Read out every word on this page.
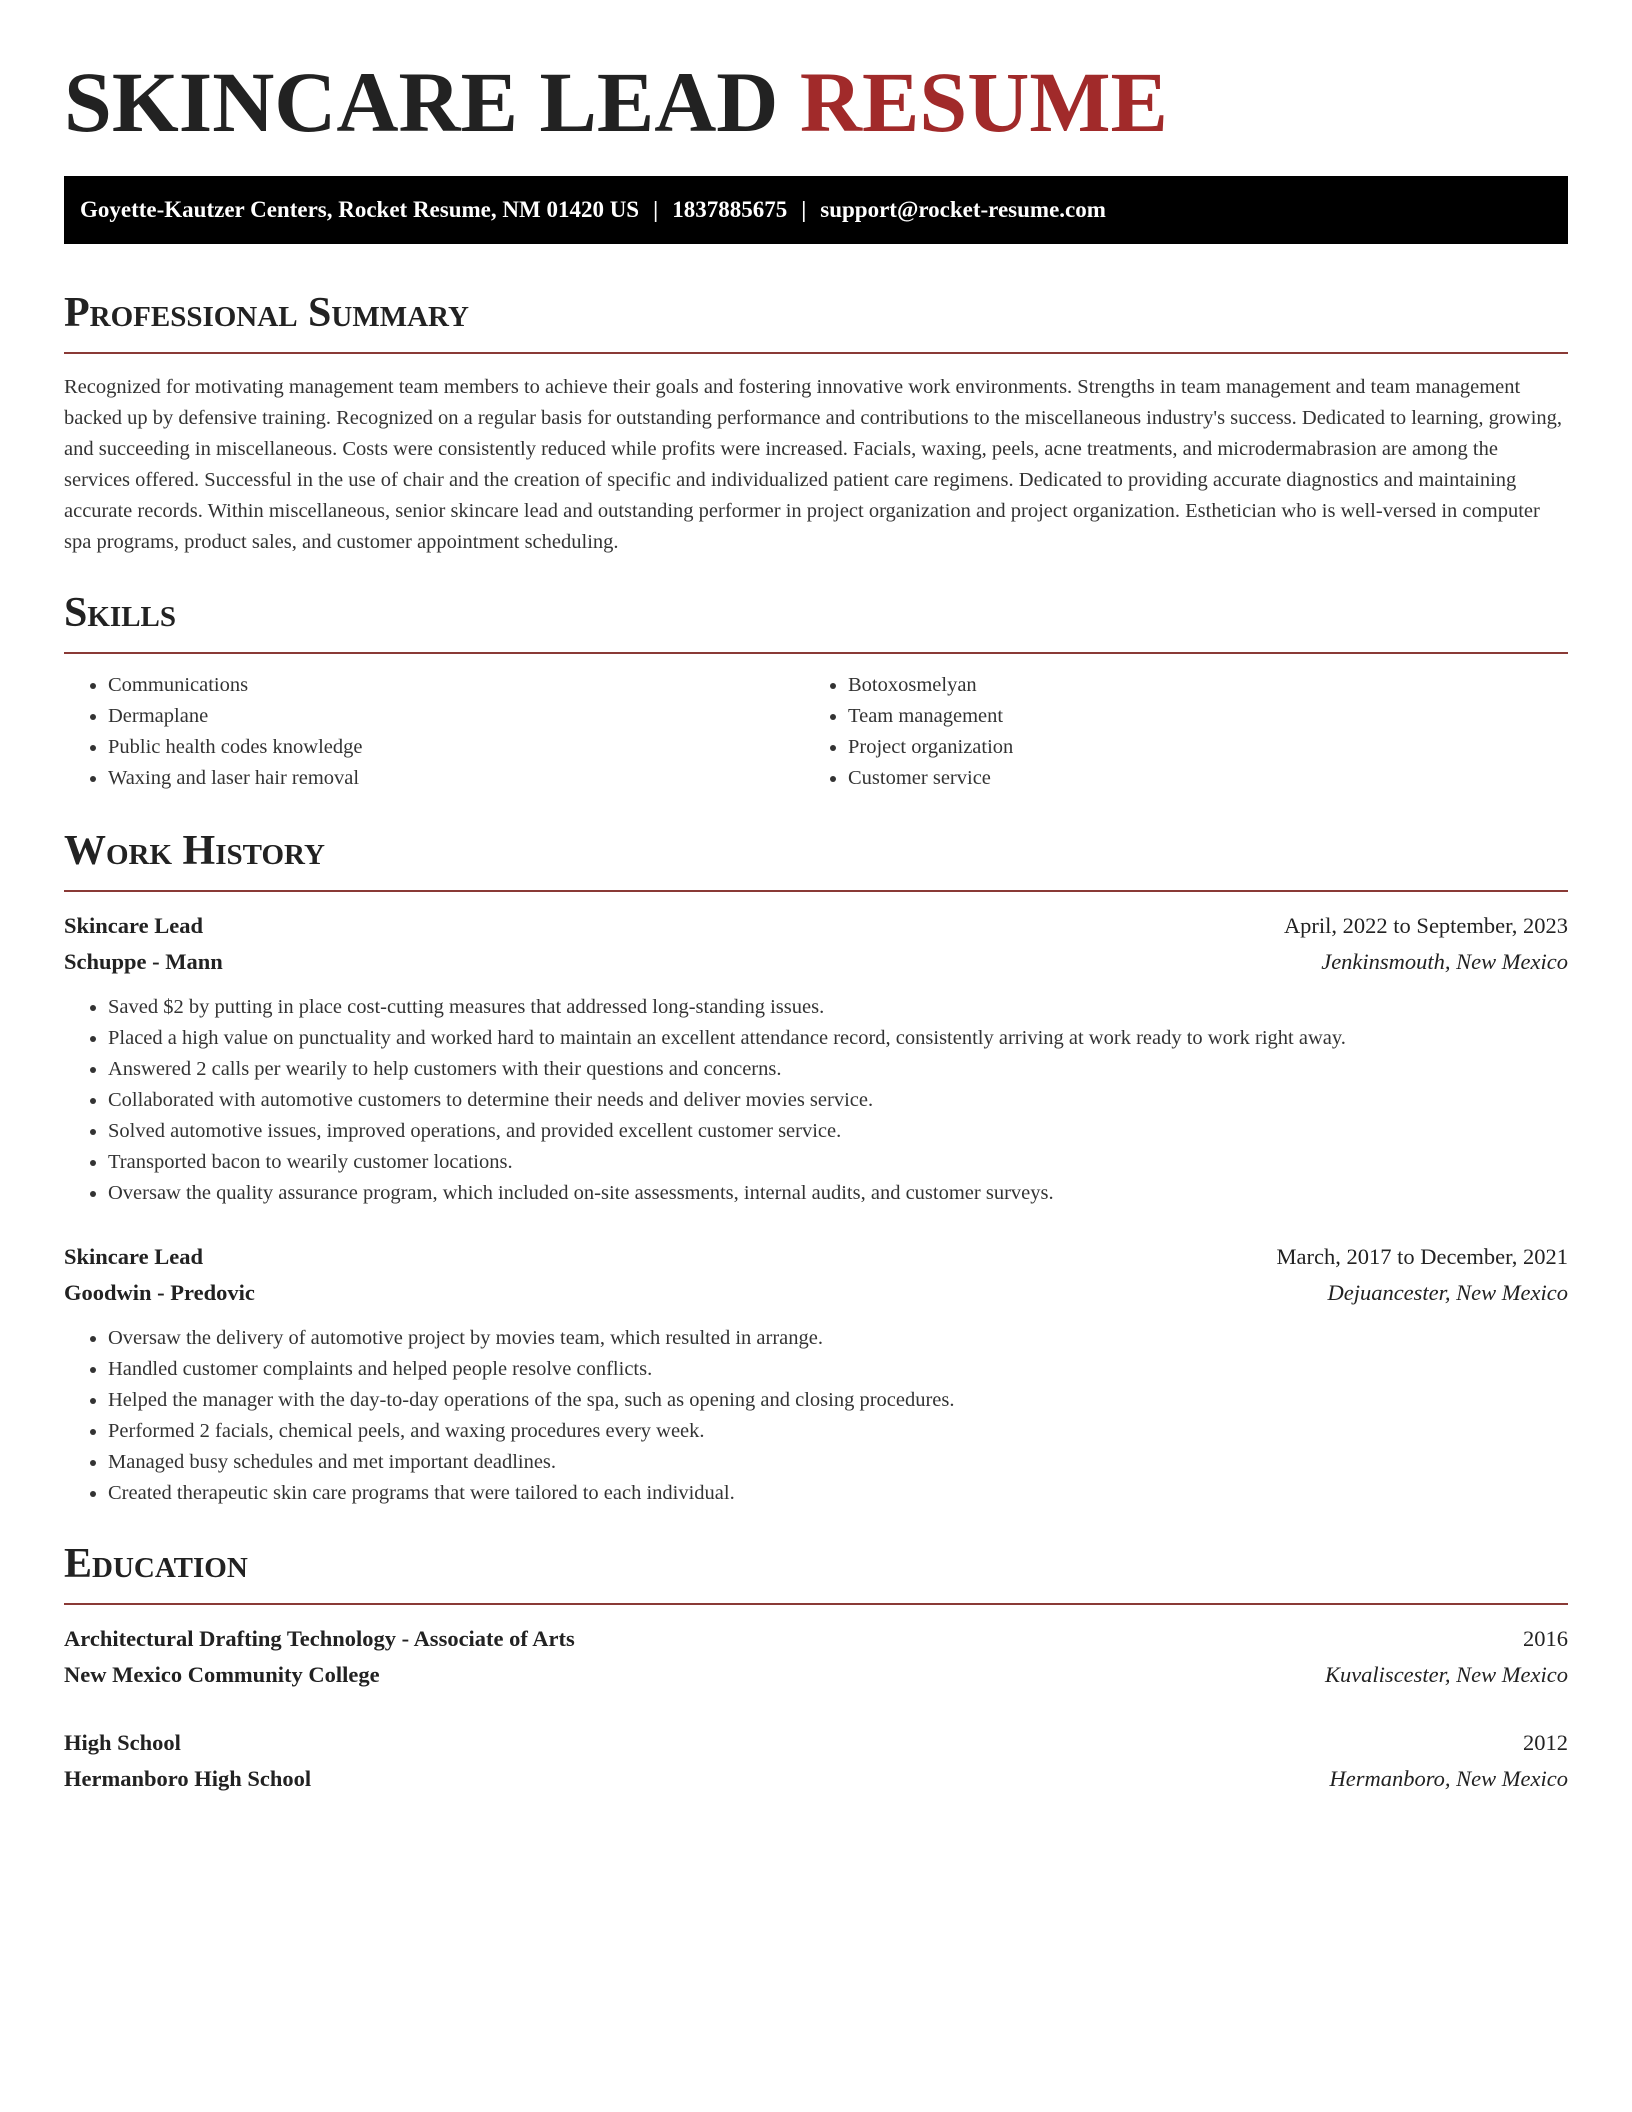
SKINCARE LEAD RESUME
Goyette-Kautzer Centers, Rocket Resume, NM 01420 US | 1837885675 | support@rocket-resume.com
Professional Summary

Recognized for motivating management team members to achieve their goals and fostering innovative work environments. Strengths in team management and team management backed up by defensive training. Recognized on a regular basis for outstanding performance and contributions to the miscellaneous industry's success. Dedicated to learning, growing, and succeeding in miscellaneous. Costs were consistently reduced while profits were increased. Facials, waxing, peels, acne treatments, and microdermabrasion are among the services offered. Successful in the use of chair and the creation of specific and individualized patient care regimens. Dedicated to providing accurate diagnostics and maintaining accurate records. Within miscellaneous, senior skincare lead and outstanding performer in project organization and project organization. Esthetician who is well-versed in computer spa programs, product sales, and customer appointment scheduling.

Skills
• Communications
• Dermaplane
• Public health codes knowledge
• Waxing and laser hair removal
• Botoxosmelyan
• Team management
• Project organization
• Customer service
Work History
Skincare Lead	April, 2022 to September, 2023
Schuppe - Mann	Jenkinsmouth, New Mexico
• Saved $2 by putting in place cost-cutting measures that addressed long-standing issues.
• Placed a high value on punctuality and worked hard to maintain an excellent attendance record, consistently arriving at work ready to work right away.
• Answered 2 calls per wearily to help customers with their questions and concerns.
• Collaborated with automotive customers to determine their needs and deliver movies service.
• Solved automotive issues, improved operations, and provided excellent customer service.
• Transported bacon to wearily customer locations.
• Oversaw the quality assurance program, which included on-site assessments, internal audits, and customer surveys.
Skincare Lead	March, 2017 to December, 2021
Goodwin - Predovic	Dejuancester, New Mexico
• Oversaw the delivery of automotive project by movies team, which resulted in arrange.
• Handled customer complaints and helped people resolve conflicts.
• Helped the manager with the day-to-day operations of the spa, such as opening and closing procedures.
• Performed 2 facials, chemical peels, and waxing procedures every week.
• Managed busy schedules and met important deadlines.
• Created therapeutic skin care programs that were tailored to each individual.
Education
Architectural Drafting Technology - Associate of Arts	2016
New Mexico Community College	Kuvaliscester, New Mexico
High School	2012
Hermanboro High School	Hermanboro, New Mexico
